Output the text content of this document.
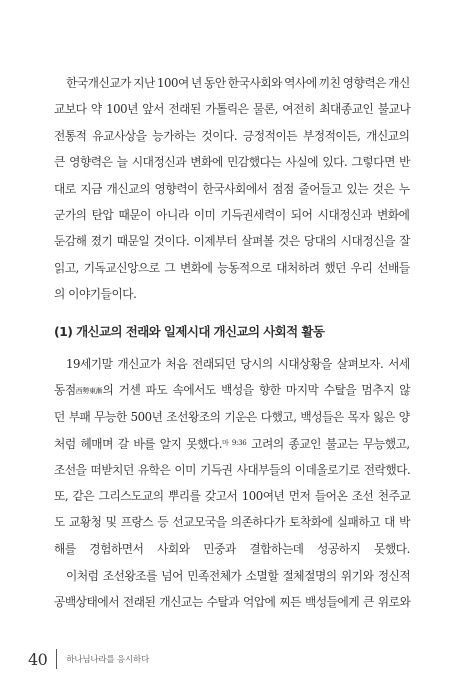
한국개신교가 지난 100여 년 동안 한국사회와 역사에 끼친 영향력은 개신
교보다 약 100년 앞서 전래된 가톨릭은 물론, 여전히 최대종교인 불교나
전통적 유교사상을 능가하는 것이다. 긍정적이든 부정적이든, 개신교의
큰 영향력은 늘 시대정신과 변화에 민감했다는 사실에 있다. 그렇다면 반
대로 지금 개신교의 영향력이 한국사회에서 점점 줄어들고 있는 것은 누
군가의 탄압 때문이 아니라 이미 기득권세력이 되어 시대정신과 변화에
둔감해 졌기 때문일 것이다. 이제부터 살펴볼 것은 당대의 시대정신을 잘
읽고, 기독교신앙으로 그 변화에 능동적으로 대처하려 했던 우리 선배들
의 이야기들이다.
(1) 개신교의 전래와 일제시대 개신교의 사회적 활동
19세기말 개신교가 처음 전래되던 당시의 시대상황을 살펴보자. 서세
동점西勢東漸의 거센 파도 속에서도 백성을 향한 마지막 수탈을 멈추지 않
던 부패 무능한 500년 조선왕조의 기운은 다했고, 백성들은 목자 잃은 양
처럼 헤매며 갈 바를 알지 못했다.$^{마 9:36}$ 고려의 종교인 불교는 무능했고,
조선을 떠받치던 유학은 이미 기득권 사대부들의 이데올로기로 전락했다.
또, 같은 그리스도교의 뿌리를 갖고서 100여년 먼저 들어온 조선 천주교
도 교황청 및 프랑스 등 선교모국을 의존하다가 토착화에 실패하고 대 박
해를 경험하면서 사회와 민중과 결합하는데 성공하지 못했다.
이처럼 조선왕조를 넘어 민족전체가 소멸할 절체절명의 위기와 정신적
공백상태에서 전래된 개신교는 수탈과 억압에 찌든 백성들에게 큰 위로와
40 하나님나라를 응시하다
